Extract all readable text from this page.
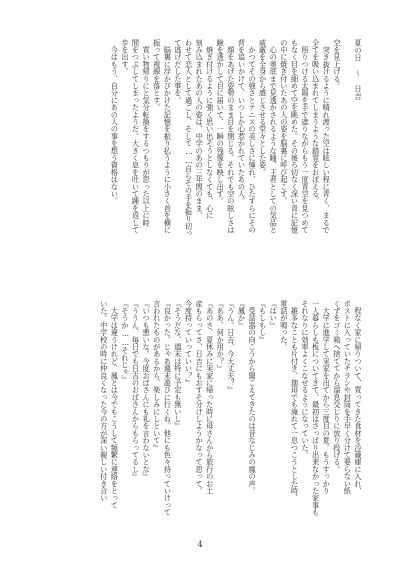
夏の日　～　日吉
空を見上げる。
　突き抜けるように晴れ渡った空は眩しい程に青く、まるで
全てを吸い込まれてしまうような錯覚をおぼえる。
　照りつける太陽を手で遮りながらもう一度青空を見つめて
もなく目を細めて空を眺めた。その後ろ切なく深い青に記憶
の中に焼き付いたあの人の姿を脳裏に呼び起こす。
　心の奥底まで見透かされるような瞳、王者としての気品と
威厳を全身から感じさせる堂々とした姿。
　かつてその強さとテニスの美しさに憧れ、ひたすらにその
背を追いかけて、いつしか心惹かれていたあの人。
　顔をあげた姿勢のまま目を閉じる。それでも空の眩しさは
瞼を透かして目に届いて、一瞬の残像を映し出す。
　焼き付けるように強く思い出そうとしなくても、心に
刻み込まれたあの人の姿は、中学のあの三年間のまま、
わせて恋人として過ごし、そして……自らその手を振り切っ
て逃げだした事を。
　脳裏に浮かびかけた記憶を振り払うように小さく首を横に
振って視線を落とす。
　買い物帰りにと気分転換をするつもりが思った以上に時
間をつぶしてしまったようだ。大きく息を吐いて踵を返して
歩を出す。
　今はもう、自分にあの人の事を想う資格はない。
　程なく家に帰りついて、買ってきた食材を冷蔵庫に入れ、
ポストに入っていたチラシや封筒を手早く分けて要らない紙
くずをゴミ箱へ捨ててから溜息交じりに放り投げる。
　大学に進学して実家を出てから三度目の夏。もうすっかり
一人暮らしも板についてきて、最初はさっぱり出来なかった家事も
それなりに効率よくこなせるようになっていた。
　雑多なことも片付き、珈琲でも淹れて一息つこうとした時、
電話が鳴った。
『はい』
『もしもし』
　受話器の向こうから聞こえてきたのは昔なじみの鳳の声。
『鳳か』
『うん。日吉、今大丈夫？』
『ああ、何か用か？』
『あのさ、夏休みに実家に帰った時に母さんから旅行のお土
産もらってさ、日吉にもおすそ分けしようかなって思って。
今度持っていっていい？』
『そうだな、週末は特に予定も無いし』
『良かった。じゃあ週末遊びに行くね。他にも色々持っていけって
言われたものがあるから、楽しみにしといて』
『いつも悪いな。今度おばさんにも礼を言わないとな』
『ううん、毎日でも日吉のおばさんからもらってるし』
『そうか……それじゃ』
　大学は違うけれど、鳳とは今でもこうして頻繁に連絡をとって
いた。中学校の時に仲良くなった今の方が深い親しい付き合い
4
